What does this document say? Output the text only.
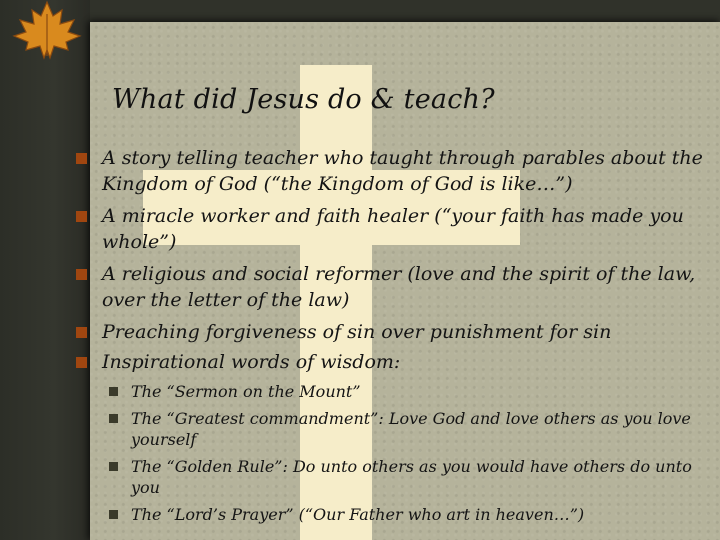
What did Jesus do & teach?
A story telling teacher who taught through parables about the Kingdom of God (“the Kingdom of God is like…”)
A miracle worker and faith healer (“your faith has made you whole”)
A religious and social reformer (love and the spirit of the law, over the letter of the law)
Preaching forgiveness of sin over punishment for sin
Inspirational words of wisdom:
The “Sermon on the Mount”
The “Greatest commandment”: Love God and love others as you love yourself
The “Golden Rule”: Do unto others as you would have others do unto you
The “Lord’s Prayer” (“Our Father who art in heaven…”)
